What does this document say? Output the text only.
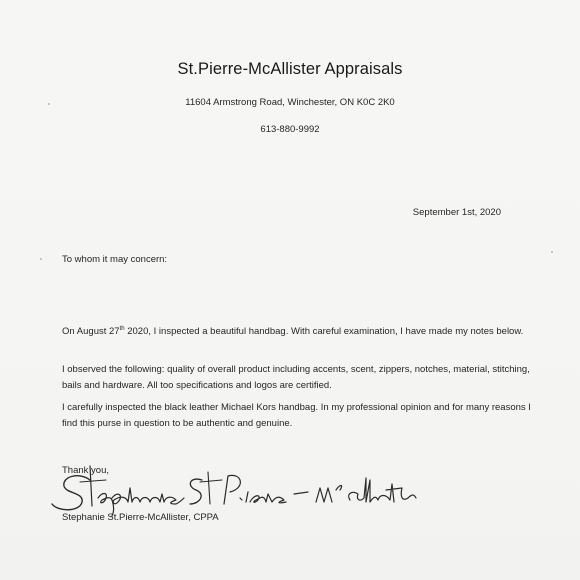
St.Pierre-McAllister Appraisals
11604 Armstrong Road, Winchester, ON K0C 2K0
613-880-9992
September 1st, 2020
To whom it may concern:
On August 27th 2020, I inspected a beautiful handbag. With careful examination, I have made my notes below.
I observed the following: quality of overall product including accents, scent, zippers, notches, material, stitching, bails and hardware. All too specifications and logos are certified.
I carefully inspected the black leather Michael Kors handbag. In my professional opinion and for many reasons I find this purse in question to be authentic and genuine.
Thank you,
Stephanie St.Pierre-McAllister, CPPA
